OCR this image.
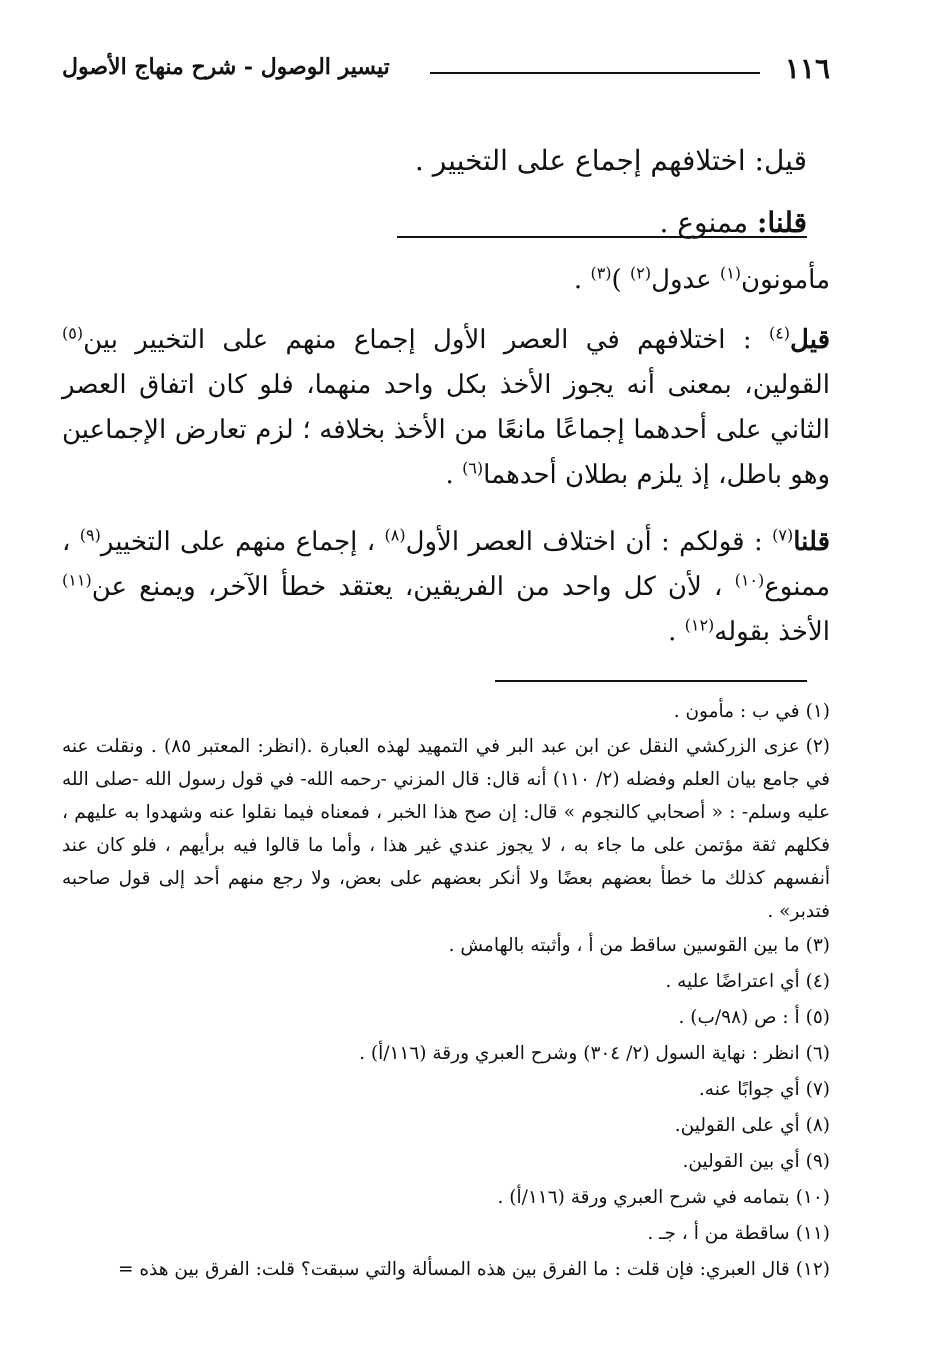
١١٦
تيسير الوصول - شرح منهاج الأصول
قيل: اختلافهم إجماع على التخيير .
قلنا: ممنوع .

مأمونون$^{(١)}$ عدول$^{(٢)}$ )$^{(٣)}$ .

قيل$^{(٤)}$ : اختلافهم في العصر الأول إجماع منهم على التخيير بين$^{(٥)}$ القولين، بمعنى أنه يجوز الأخذ بكل واحد منهما، فلو كان اتفاق العصر الثاني على أحدهما إجماعًا مانعًا من الأخذ بخلافه ؛ لزم تعارض الإجماعين وهو باطل، إذ يلزم بطلان أحدهما$^{(٦)}$ .

قلنا$^{(٧)}$ : قولكم : أن اختلاف العصر الأول$^{(٨)}$ ، إجماع منهم على التخيير$^{(٩)}$ ، ممنوع$^{(١٠)}$ ، لأن كل واحد من الفريقين، يعتقد خطأ الآخر، ويمنع عن$^{(١١)}$ الأخذ بقوله$^{(١٢)}$ .

(١)في ب : مأمون .
(٢)عزى الزركشي النقل عن ابن عبد البر في التمهيد لهذه العبارة .(انظر: المعتبر ٨٥) . ونقلت عنه في جامع بيان العلم وفضله (٢/ ١١٠) أنه قال: قال المزني -رحمه الله- في قول رسول الله -صلى الله عليه وسلم- : « أصحابي كالنجوم » قال: إن صح هذا الخبر ، فمعناه فيما نقلوا عنه وشهدوا به عليهم ، فكلهم ثقة مؤتمن على ما جاء به ، لا يجوز عندي غير هذا ، وأما ما قالوا فيه برأيهم ، فلو كان عند أنفسهم كذلك ما خطأ بعضهم بعضًا ولا أنكر بعضهم على بعض، ولا رجع منهم أحد إلى قول صاحبه فتدبر» .
(٣)ما بين القوسين ساقط من أ ، وأثبته بالهامش .
(٤)أي اعتراضًا عليه .
(٥)أ : ص (٩٨/ب) .
(٦)انظر : نهاية السول (٢/ ٣٠٤) وشرح العبري ورقة (١١٦/أ) .
(٧)أي جوابًا عنه.
(٨)أي على القولين.
(٩)أي بين القولين.
(١٠)بتمامه في شرح العبري ورقة (١١٦/أ) .
(١١)ساقطة من أ ، جـ .
(١٢)قال العبري: فإن قلت : ما الفرق بين هذه المسألة والتي سبقت؟ قلت: الفرق بين هذه =
